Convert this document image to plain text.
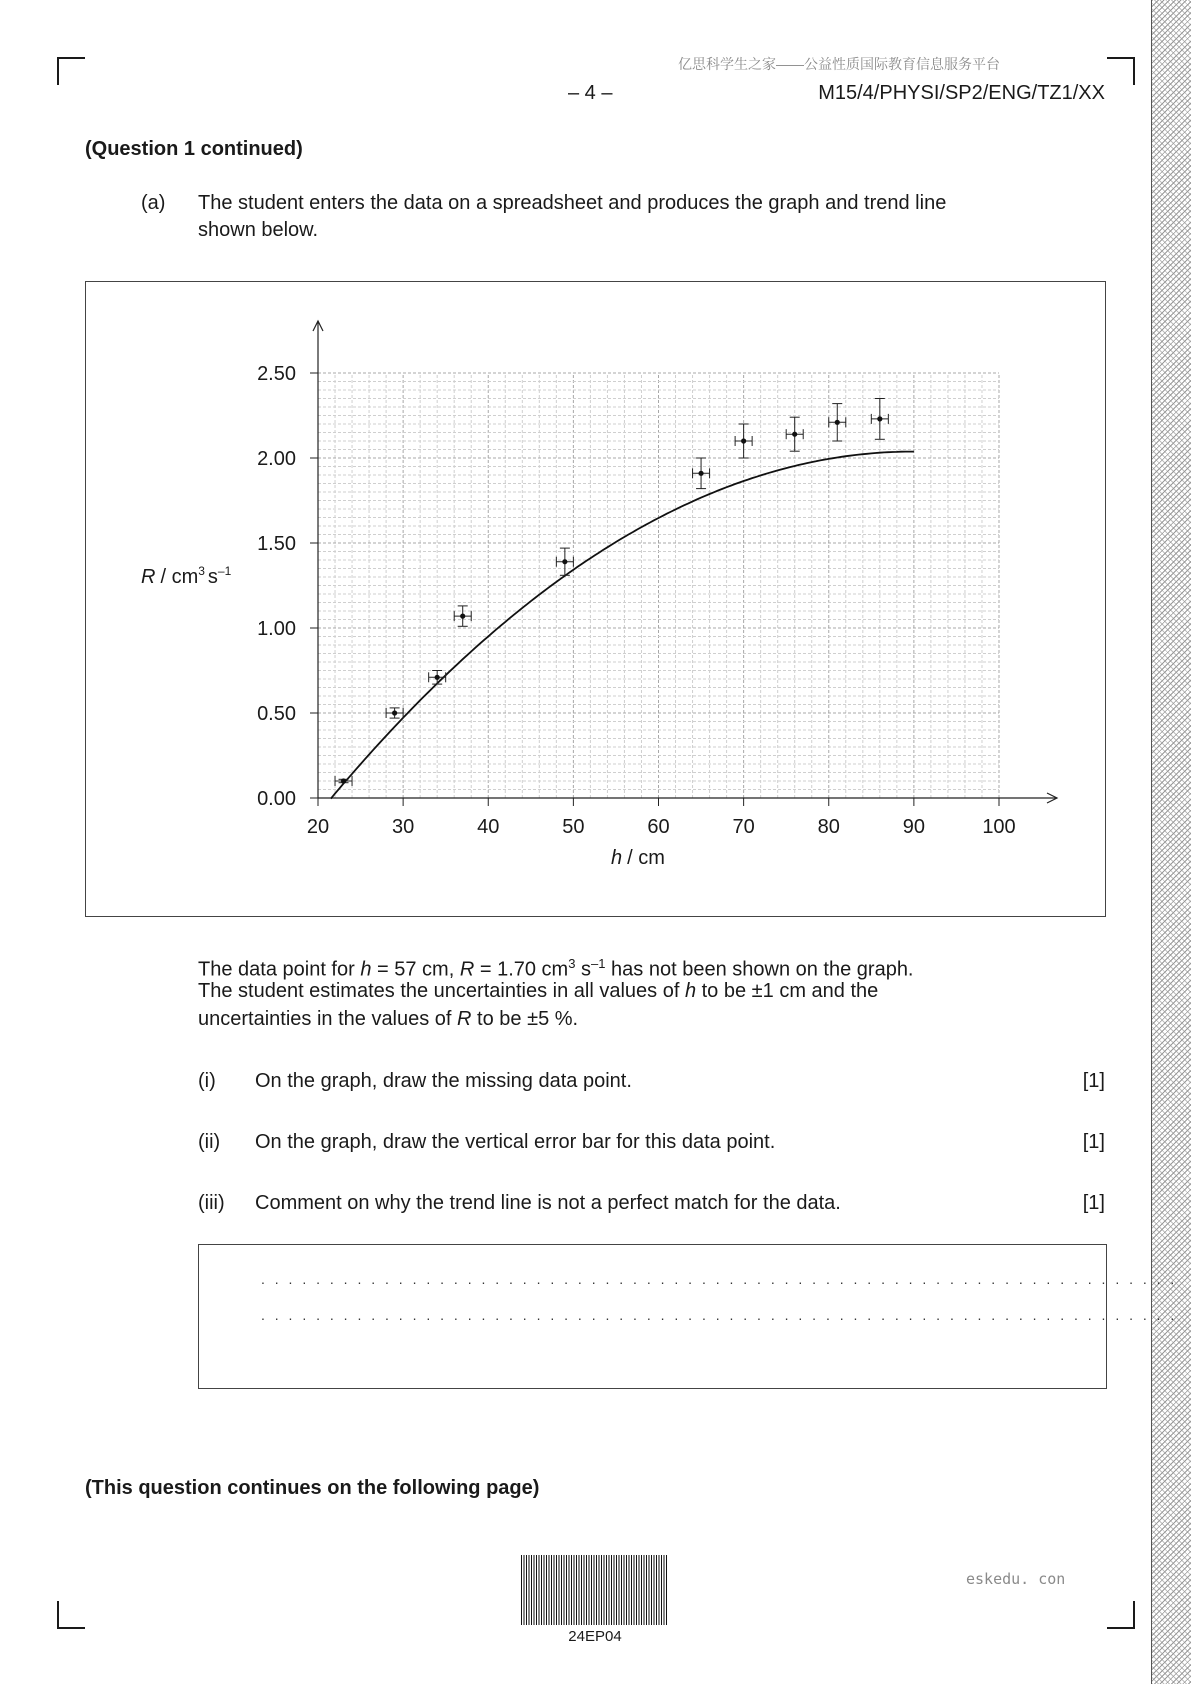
亿思科学生之家——公益性质国际教育信息服务平台
– 4 –	M15/4/PHYSI/SP2/ENG/TZ1/XX
(Question 1 continued)
(a) The student enters the data on a spreadsheet and produces the graph and trend line
shown below.
20	30	40	50	60	70	80	90	100
0.00
0.50
1.00
1.50
2.00
2.50
R / $cm^3$ $s^{-1}$
h / cm
The data point for h = 57 cm, R = 1.70 $cm^3$ $s^{-1}$ has not been shown on the graph.
The student estimates the uncertainties in all values of h to be ±1 cm and the
uncertainties in the values of R to be ±5 %.
(i) On the graph, draw the missing data point.	[1]
(ii) On the graph, draw the vertical error bar for this data point.	[1]
(iii) Comment on why the trend line is not a perfect match for the data.	[1]
. . . . . . . . . . . . . . . . . . . . . . . . . . . . . . . . . . . . . . . . . . . . . . . . . . . . . . . . . . . . . . . . . . .
. . . . . . . . . . . . . . . . . . . . . . . . . . . . . . . . . . . . . . . . . . . . . . . . . . . . . . . . . . . . . . . . . . .
(This question continues on the following page)
24EP04
eskedu. con
